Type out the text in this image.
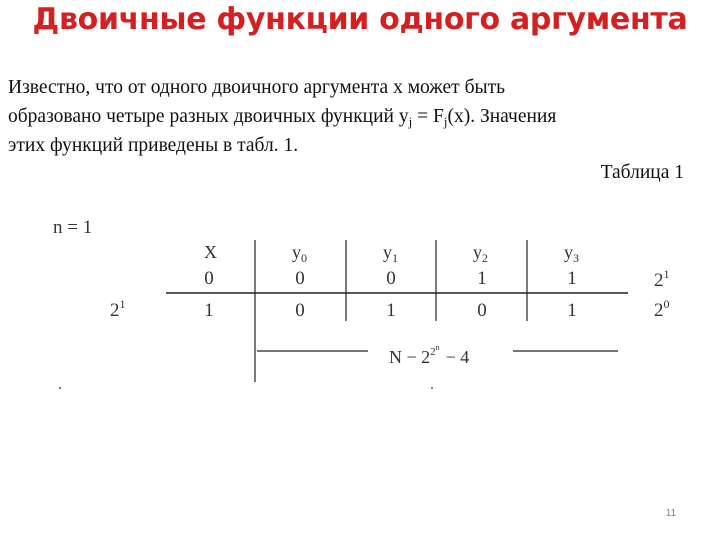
Двоичные функции одного аргумента

Известно, что от одного двоичного аргумента x может быть

образовано четыре разных двоичных функций $y_j = F_j(x)$. Значения

этих функций приведены в табл. 1.

Таблица 1
n = 1
X	$y_0$	$y_1$	$y_2$	$y_3$
0	0	0	1	1
1	0	1	0	1
$2^1$
$2^1$
$2^0$
$N - 2^{2n} - 4$
11
